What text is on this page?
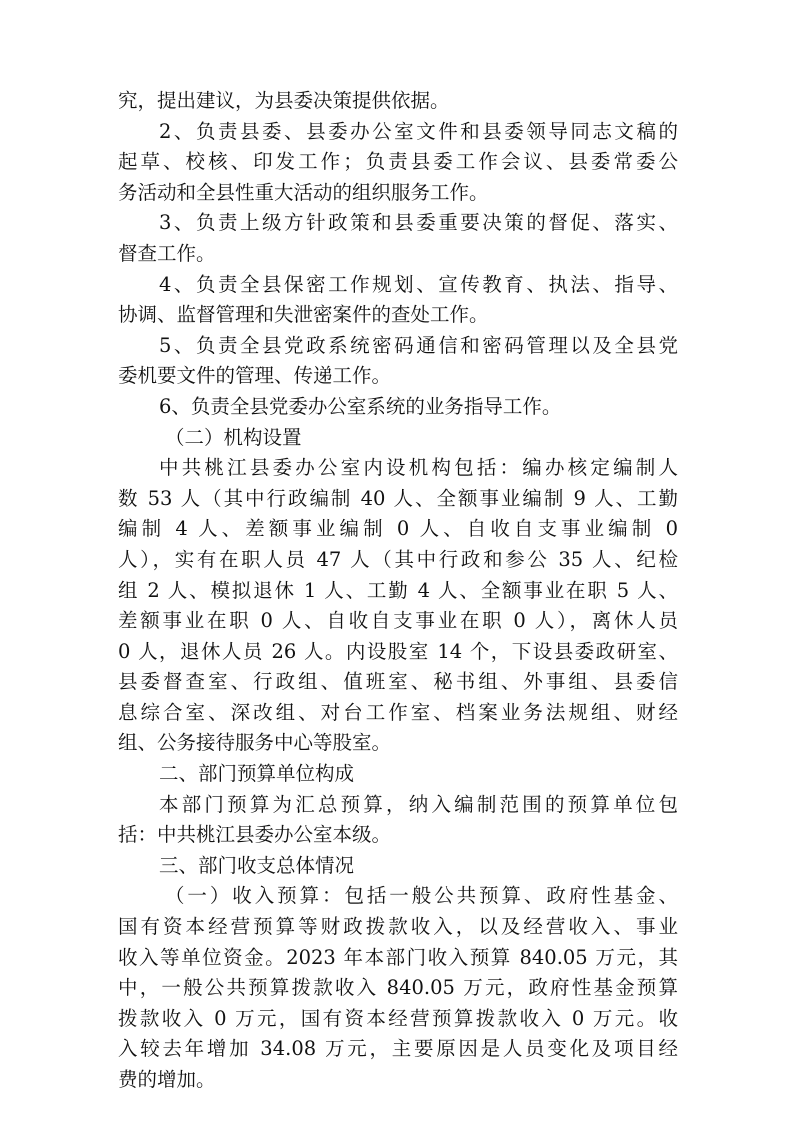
究，提出建议，为县委决策提供依据。
2、负责县委、县委办公室文件和县委领导同志文稿的
起草、校核、印发工作；负责县委工作会议、县委常委公
务活动和全县性重大活动的组织服务工作。
3、负责上级方针政策和县委重要决策的督促、落实、
督查工作。
4、负责全县保密工作规划、宣传教育、执法、指导、
协调、监督管理和失泄密案件的查处工作。
5、负责全县党政系统密码通信和密码管理以及全县党
委机要文件的管理、传递工作。
6、负责全县党委办公室系统的业务指导工作。
（二）机构设置
中共桃江县委办公室内设机构包括：编办核定编制人
数 53 人（其中行政编制 40 人、全额事业编制 9 人、工勤
编制 4 人、差额事业编制 0 人、自收自支事业编制 0
人），实有在职人员 47 人（其中行政和参公 35 人、纪检
组 2 人、模拟退休 1 人、工勤 4 人、全额事业在职 5 人、
差额事业在职 0 人、自收自支事业在职 0 人），离休人员
0 人，退休人员 26 人。内设股室 14 个，下设县委政研室、
县委督查室、行政组、值班室、秘书组、外事组、县委信
息综合室、深改组、对台工作室、档案业务法规组、财经
组、公务接待服务中心等股室。
二、部门预算单位构成
本部门预算为汇总预算，纳入编制范围的预算单位包
括：中共桃江县委办公室本级。
三、部门收支总体情况
（一）收入预算：包括一般公共预算、政府性基金、
国有资本经营预算等财政拨款收入，以及经营收入、事业
收入等单位资金。2023 年本部门收入预算 840.05 万元，其
中，一般公共预算拨款收入 840.05 万元，政府性基金预算
拨款收入 0 万元，国有资本经营预算拨款收入 0 万元。收
入较去年增加 34.08 万元，主要原因是人员变化及项目经
费的增加。
